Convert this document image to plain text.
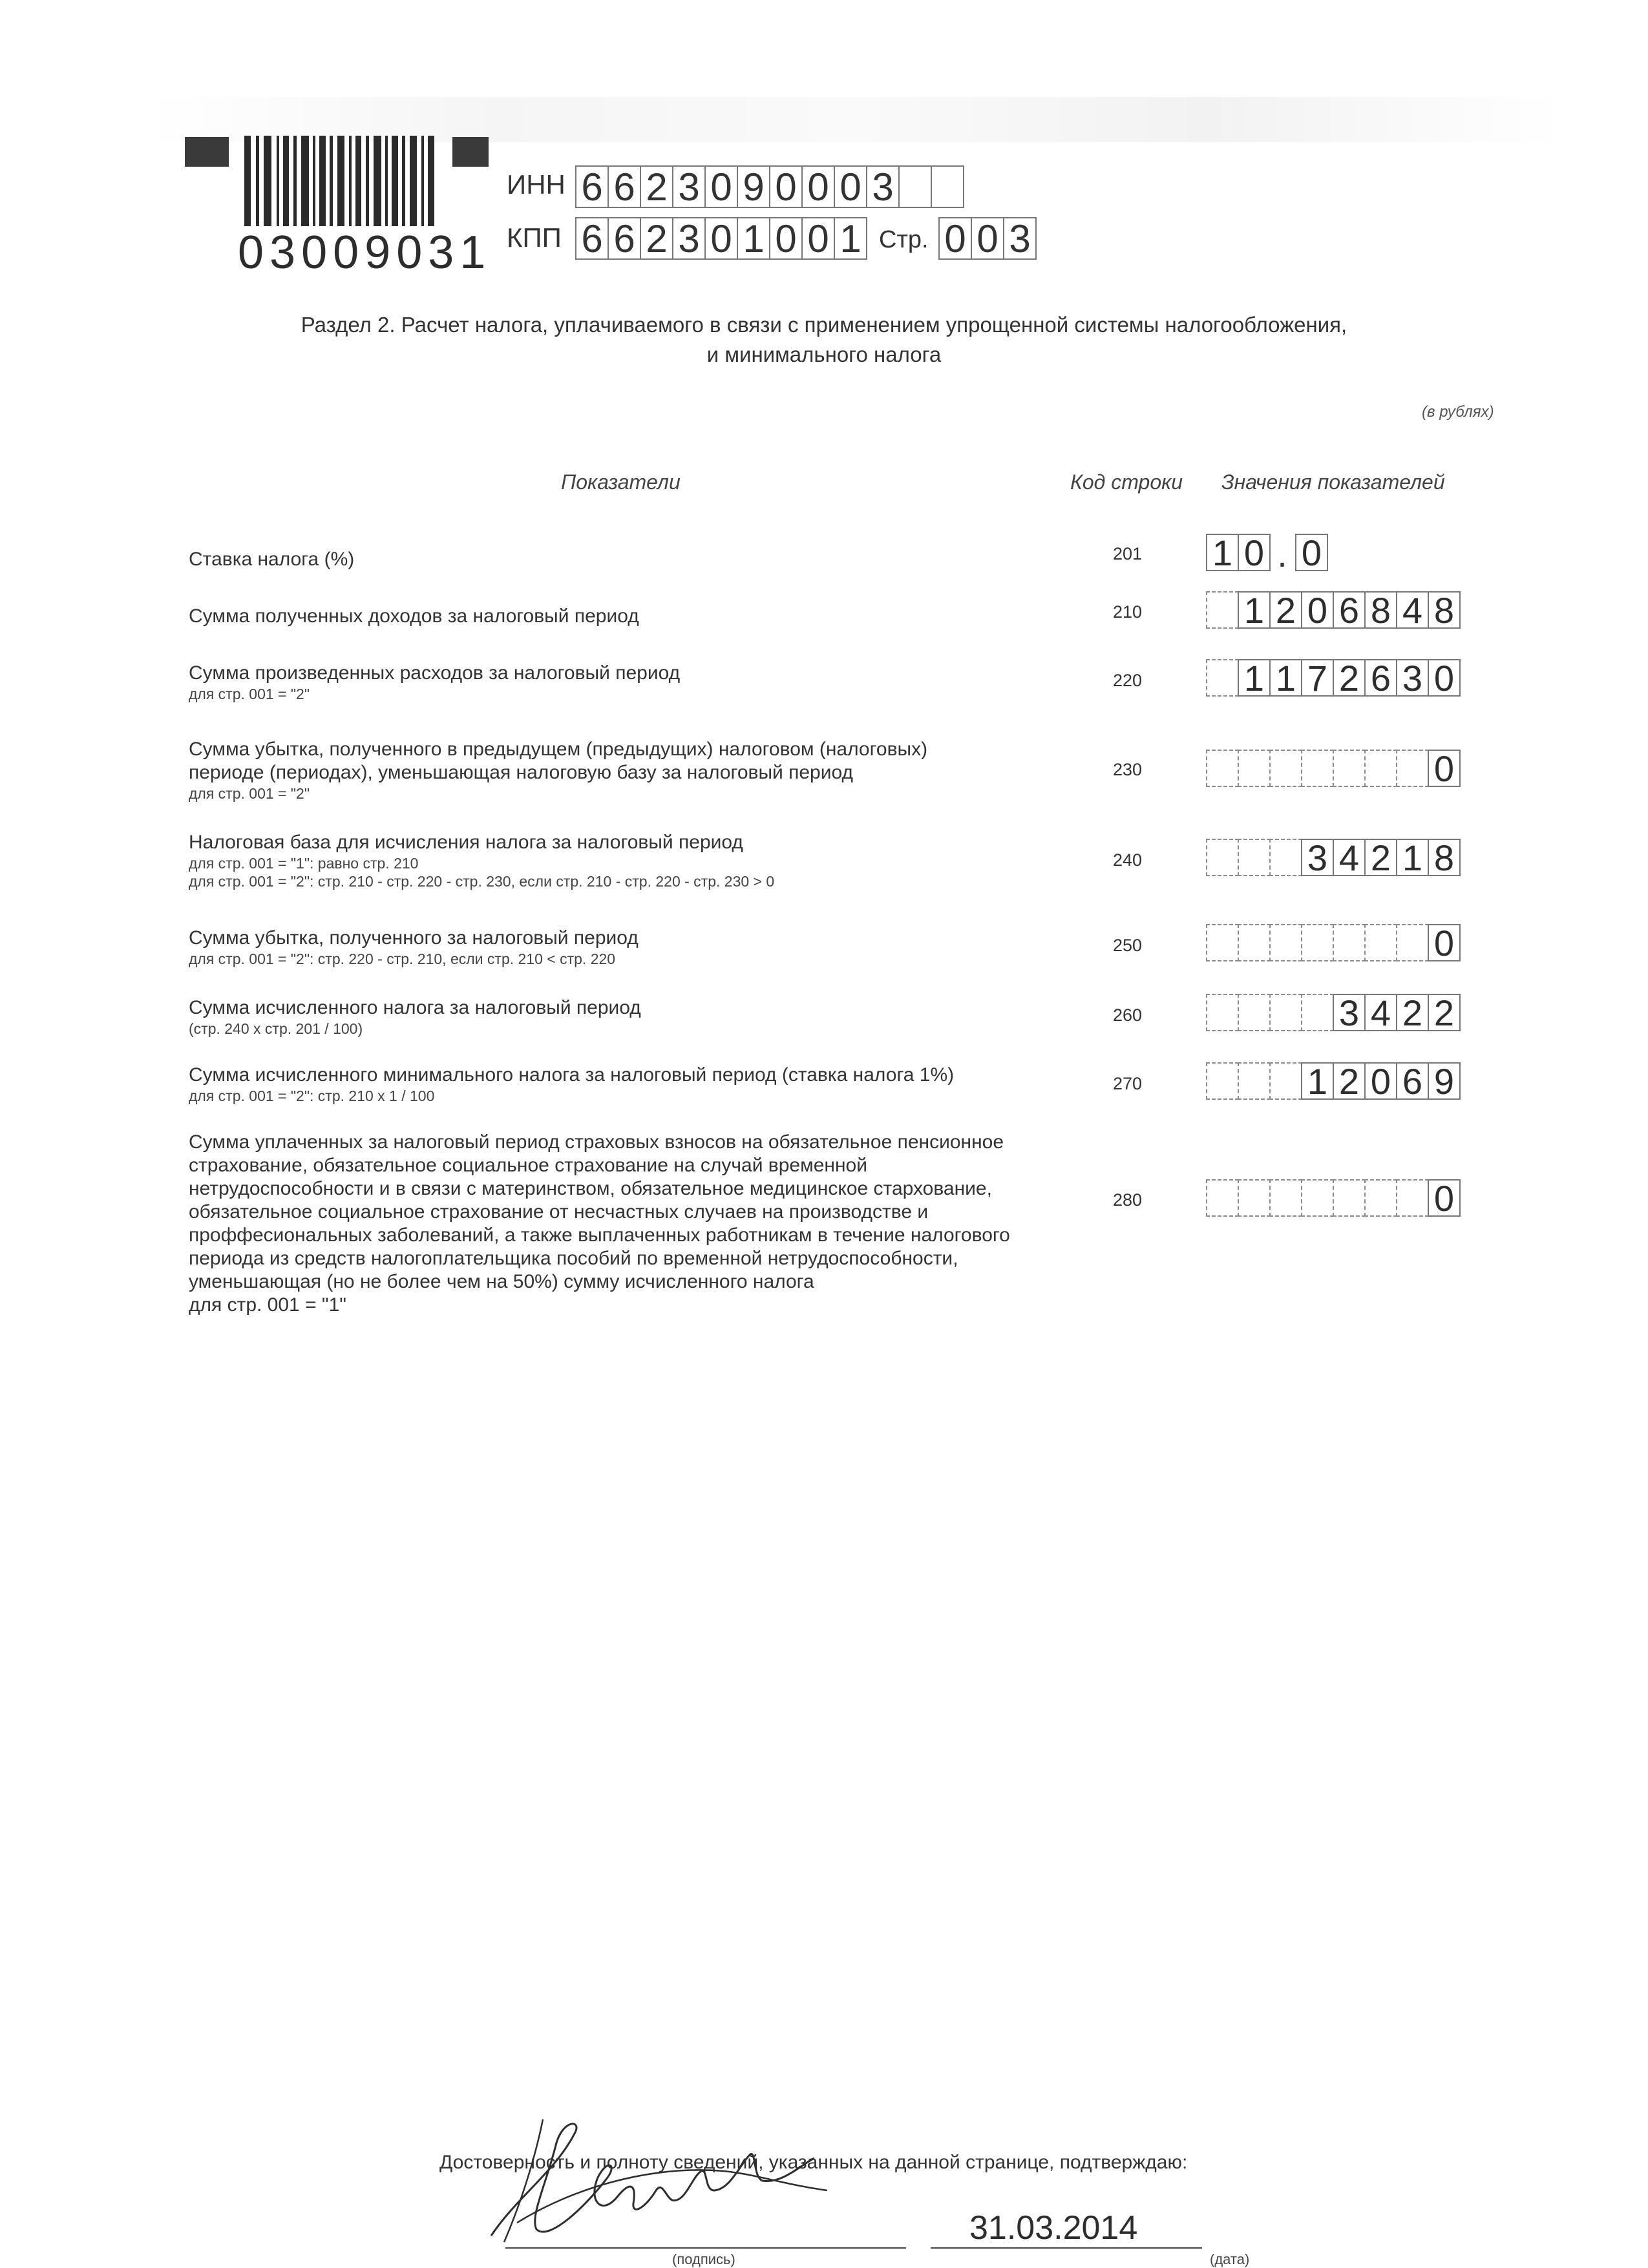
03009031
ИНН 6 6 2 3 0 9 0 0 0 3
КПП 6 6 2 3 0 1 0 0 1 Стр. 0 0 3
Раздел 2. Расчет налога, уплачиваемого в связи с применением упрощенной системы налогообложения,
и минимального налога
(в рублях)
Показатели	Код строки Значения показателей
Ставка налога (%)	201 1 0 . 0
Сумма полученных доходов за налоговый период	210	1 2 0 6 8 4 8
Сумма произведенных расходов за налоговый период
для стр. 001 = "2"
220	1 1 7 2 6 3 0
Сумма убытка, полученного в предыдущем (предыдущих) налоговом (налоговых)
периоде (периодах), уменьшающая налоговую базу за налоговый период
для стр. 001 = "2"
230	0
Налоговая база для исчисления налога за налоговый период
для стр. 001 = "1": равно стр. 210
для стр. 001 = "2": стр. 210 - стр. 220 - стр. 230, если стр. 210 - стр. 220 - стр. 230 > 0
240	3 4 2 1 8
Сумма убытка, полученного за налоговый период
для стр. 001 = "2": стр. 220 - стр. 210, если стр. 210 < стр. 220
250	0
Сумма исчисленного налога за налоговый период
(стр. 240 х стр. 201 / 100)
260	3 4 2 2
Сумма исчисленного минимального налога за налоговый период (ставка налога 1%)
для стр. 001 = "2": стр. 210 х 1 / 100
270	1 2 0 6 9
Сумма уплаченных за налоговый период страховых взносов на обязательное пенсионное
страхование, обязательное социальное страхование на случай временной
нетрудоспособности и в связи с материнством, обязательное медицинское стархование,
обязательное социальное страхование от несчастных случаев на производстве и
проффесиональных заболеваний, а также выплаченных работникам в течение налогового
периода из средств налогоплательщика пособий по временной нетрудоспособности,
уменьшающая (но не более чем на 50%) сумму исчисленного налога
для стр. 001 = "1"
280	0
Достоверность и полноту сведений, указанных на данной странице, подтверждаю:
(подпись)
31.03.2014
(дата)
